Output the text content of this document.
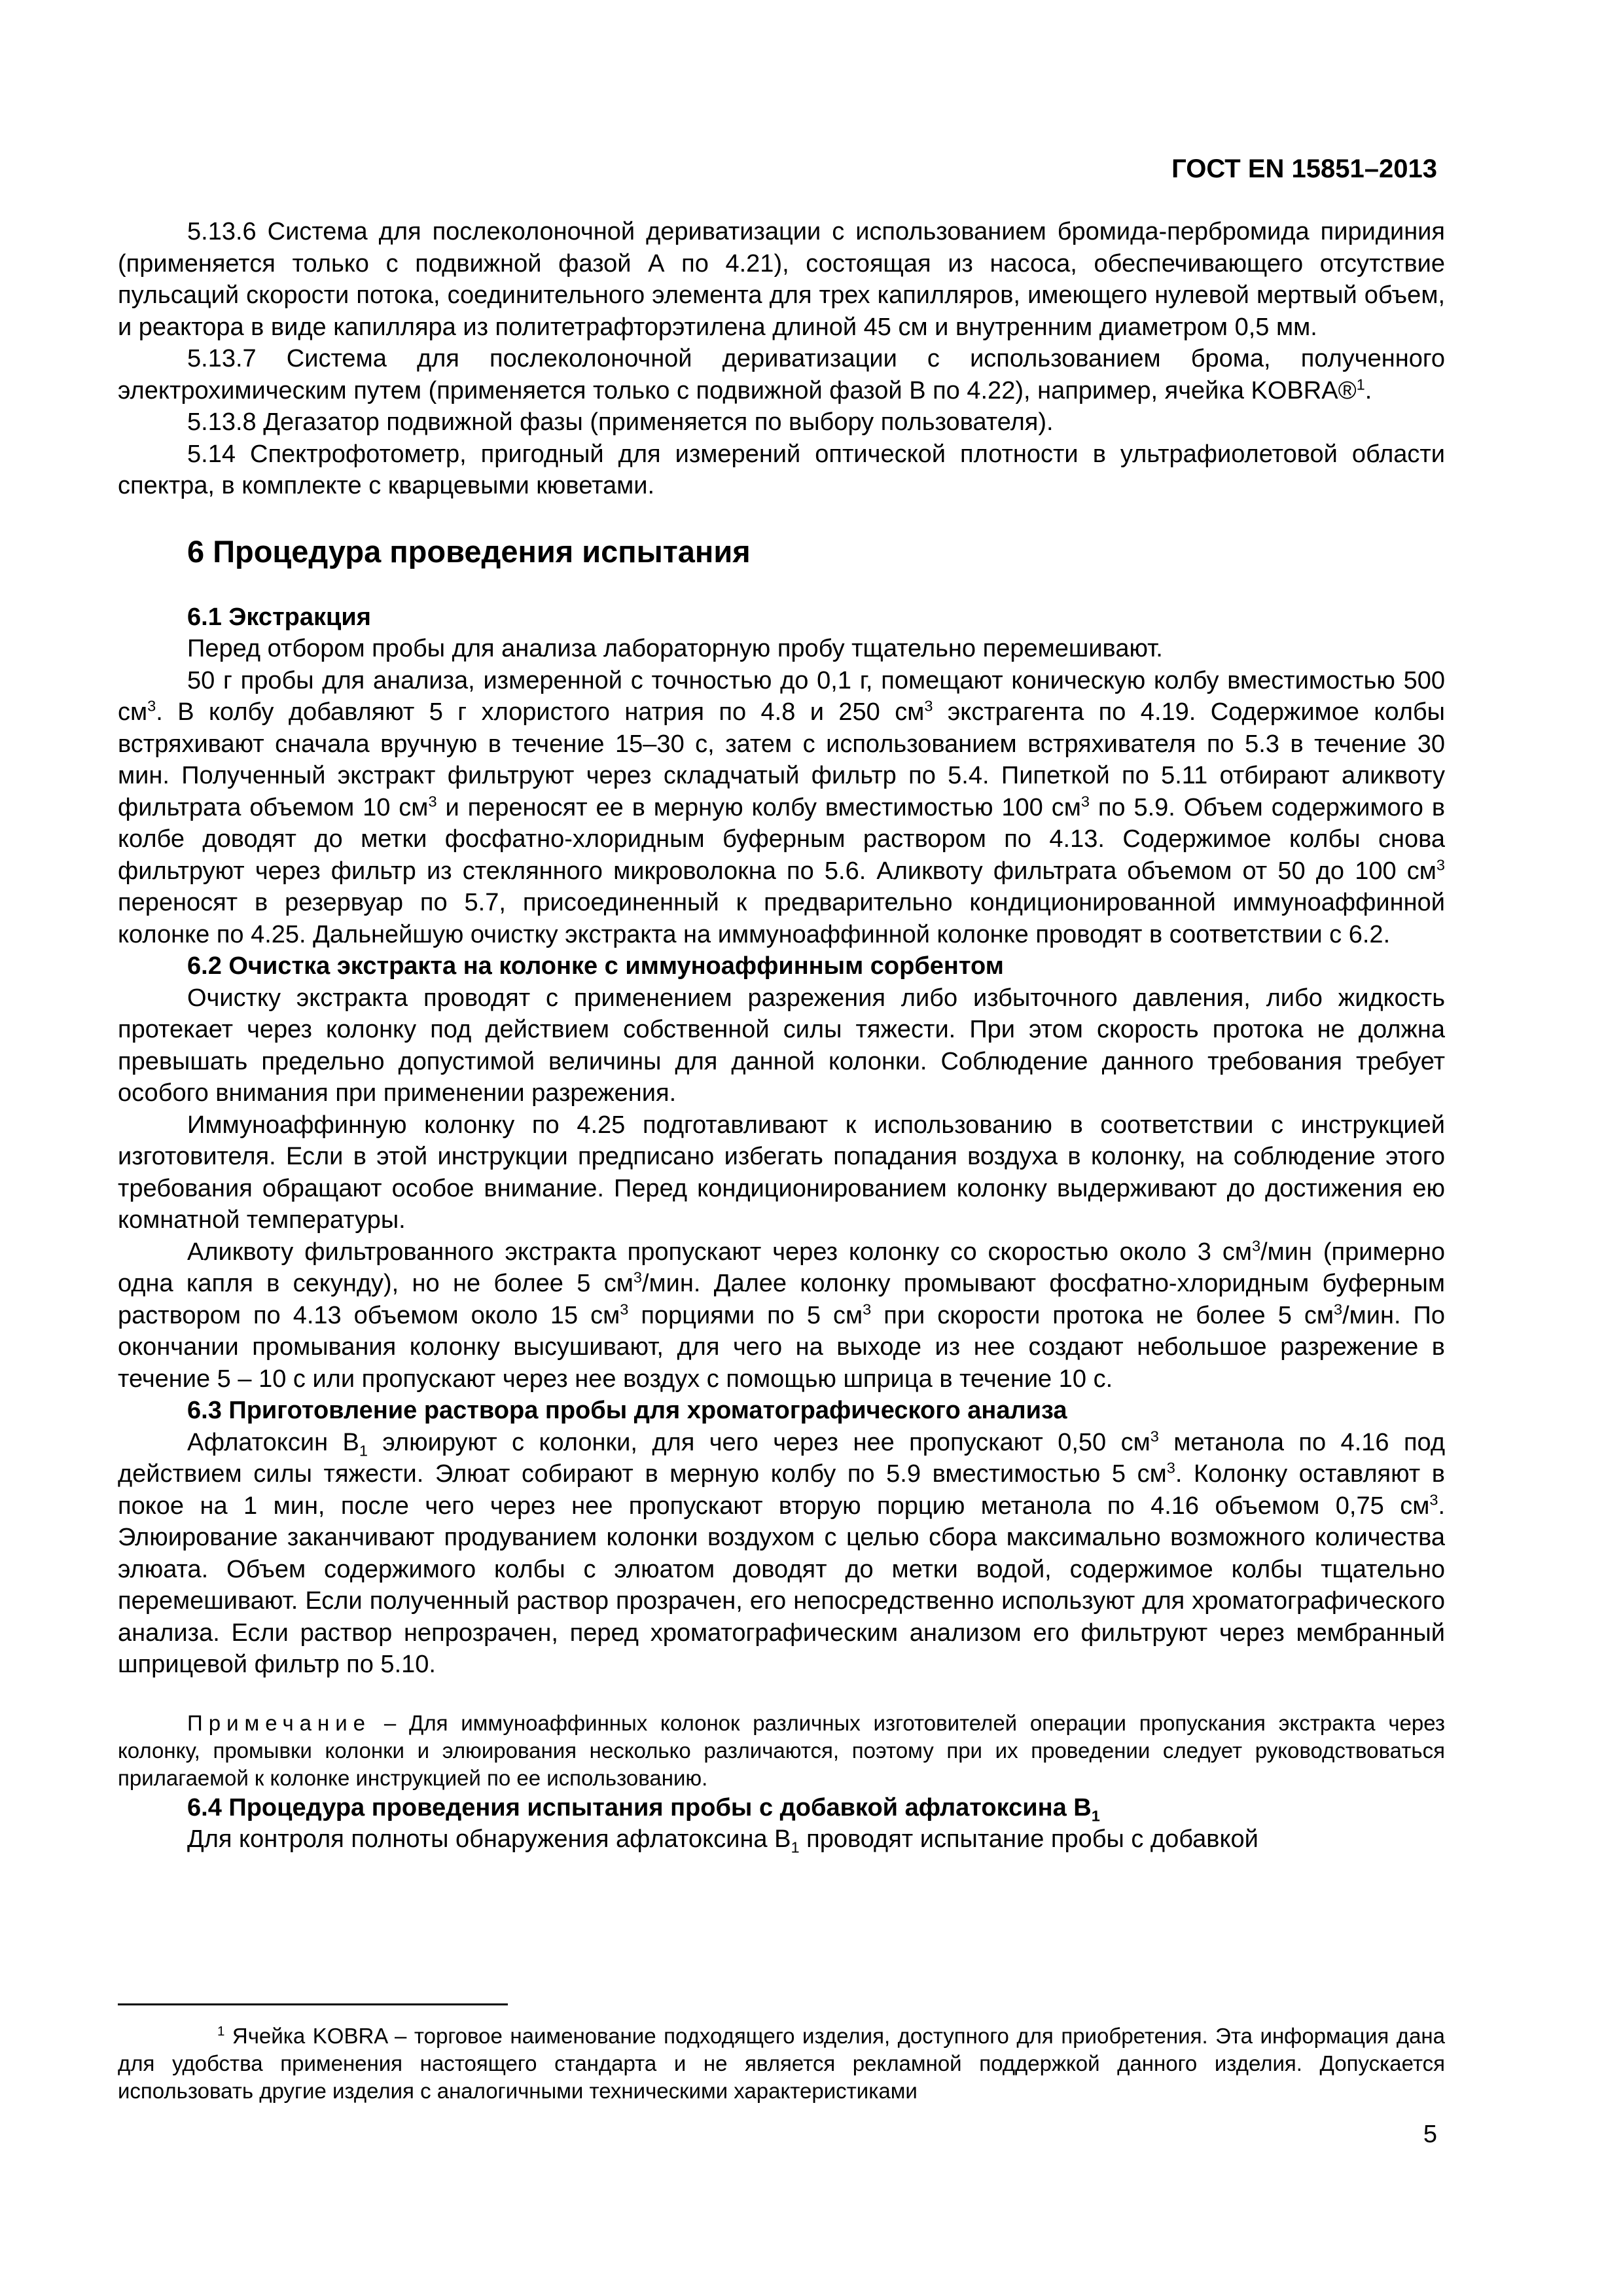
ГОСТ EN 15851–2013

5.13.6 Система для послеколоночной дериватизации с использованием бромида-пербромида пиридиния (применяется только с подвижной фазой А по 4.21), состоящая из насоса, обеспечивающего отсутствие пульсаций скорости потока, соединительного элемента для трех капилляров, имеющего нулевой мертвый объем, и реактора в виде капилляра из политетрафторэтилена длиной 45 см и внутренним диаметром 0,5 мм.

5.13.7 Система для послеколоночной дериватизации с использованием брома, полученного электрохимическим путем (применяется только с подвижной фазой В по 4.22), например, ячейка KOBRA®$^1$.

5.13.8 Дегазатор подвижной фазы (применяется по выбору пользователя).

5.14 Спектрофотометр, пригодный для измерений оптической плотности в ультрафиолетовой области спектра, в комплекте с кварцевыми кюветами.

6 Процедура проведения испытания

6.1 Экстракция

Перед отбором пробы для анализа лабораторную пробу тщательно перемешивают.

50 г пробы для анализа, измеренной с точностью до 0,1 г, помещают коническую колбу вместимостью 500 $см^3$. В колбу добавляют 5 г хлористого натрия по 4.8 и 250 $см^3$ экстрагента по 4.19. Содержимое колбы встряхивают сначала вручную в течение 15–30 с, затем с использованием встряхивателя по 5.3 в течение 30 мин. Полученный экстракт фильтруют через складчатый фильтр по 5.4. Пипеткой по 5.11 отбирают аликвоту фильтрата объемом 10 $см^3$ и переносят ее в мерную колбу вместимостью 100 $см^3$ по 5.9. Объем содержимого в колбе доводят до метки фосфатно-хлоридным буферным раствором по 4.13. Содержимое колбы снова фильтруют через фильтр из стеклянного микроволокна по 5.6. Аликвоту фильтрата объемом от 50 до 100 $см^3$ переносят в резервуар по 5.7, присоединенный к предварительно кондиционированной иммуноаффинной колонке по 4.25. Дальнейшую очистку экстракта на иммуноаффинной колонке проводят в соответствии с 6.2.

6.2 Очистка экстракта на колонке с иммуноаффинным сорбентом

Очистку экстракта проводят с применением разрежения либо избыточного давления, либо жидкость протекает через колонку под действием собственной силы тяжести. При этом скорость протока не должна превышать предельно допустимой величины для данной колонки. Соблюдение данного требования требует особого внимания при применении разрежения.

Иммуноаффинную колонку по 4.25 подготавливают к использованию в соответствии с инструкцией изготовителя. Если в этой инструкции предписано избегать попадания воздуха в колонку, на соблюдение этого требования обращают особое внимание. Перед кондиционированием колонку выдерживают до достижения ею комнатной температуры.

Аликвоту фильтрованного экстракта пропускают через колонку со скоростью около 3 $см^3$/мин (примерно одна капля в секунду), но не более 5 $см^3$/мин. Далее колонку промывают фосфатно-хлоридным буферным раствором по 4.13 объемом около 15 $см^3$ порциями по 5 $см^3$ при скорости протока не более 5 $см^3$/мин. По окончании промывания колонку высушивают, для чего на выходе из нее создают небольшое разрежение в течение 5 – 10 с или пропускают через нее воздух с помощью шприца в течение 10 с.

6.3 Приготовление раствора пробы для хроматографического анализа

Афлатоксин $В_1$ элюируют с колонки, для чего через нее пропускают 0,50 $см^3$ метанола по 4.16 под действием силы тяжести. Элюат собирают в мерную колбу по 5.9 вместимостью 5 $см^3$. Колонку оставляют в покое на 1 мин, после чего через нее пропускают вторую порцию метанола по 4.16 объемом 0,75 $см^3$. Элюирование заканчивают продуванием колонки воздухом с целью сбора максимально возможного количества элюата. Объем содержимого колбы с элюатом доводят до метки водой, содержимое колбы тщательно перемешивают. Если полученный раствор прозрачен, его непосредственно используют для хроматографического анализа. Если раствор непрозрачен, перед хроматографическим анализом его фильтруют через мембранный шприцевой фильтр по 5.10.

Примечание – Для иммуноаффинных колонок различных изготовителей операции пропускания экстракта через колонку, промывки колонки и элюирования несколько различаются, поэтому при их проведении следует руководствоваться прилагаемой к колонке инструкцией по ее использованию.

6.4 Процедура проведения испытания пробы с добавкой афлатоксина $В_1$

Для контроля полноты обнаружения афлатоксина $В_1$ проводят испытание пробы с добавкой

$^1$ Ячейка KOBRA – торговое наименование подходящего изделия, доступного для приобретения. Эта информация дана для удобства применения настоящего стандарта и не является рекламной поддержкой данного изделия. Допускается использовать другие изделия с аналогичными техническими характеристиками
5
